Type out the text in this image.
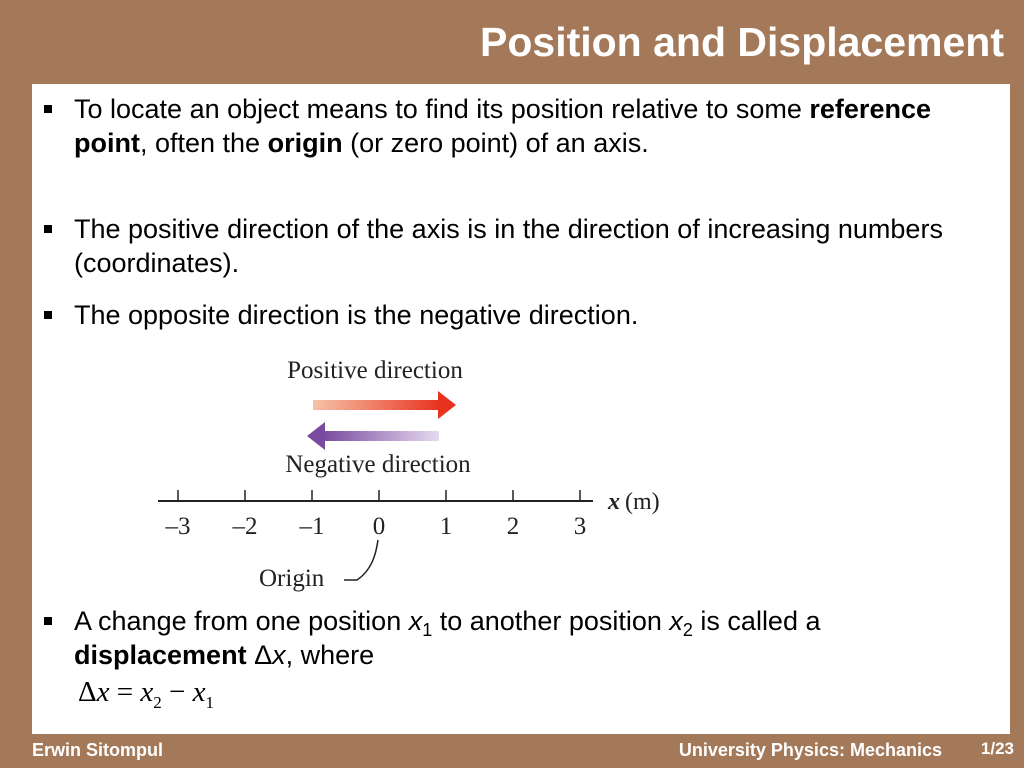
Position and Displacement
To locate an object means to find its position relative to some reference point, often the origin (or zero point) of an axis.
The positive direction of the axis is in the direction of increasing numbers (coordinates).
The opposite direction is the negative direction.
Positive direction
Negative direction
–3 –2 –1 0 1 2 3
x (m)
Origin
A change from one position $x_1$ to another position $x_2$ is called a displacement Δx, where
$\Delta x = x_2 - x_1$
Erwin Sitompul	University Physics: Mechanics 1/23
